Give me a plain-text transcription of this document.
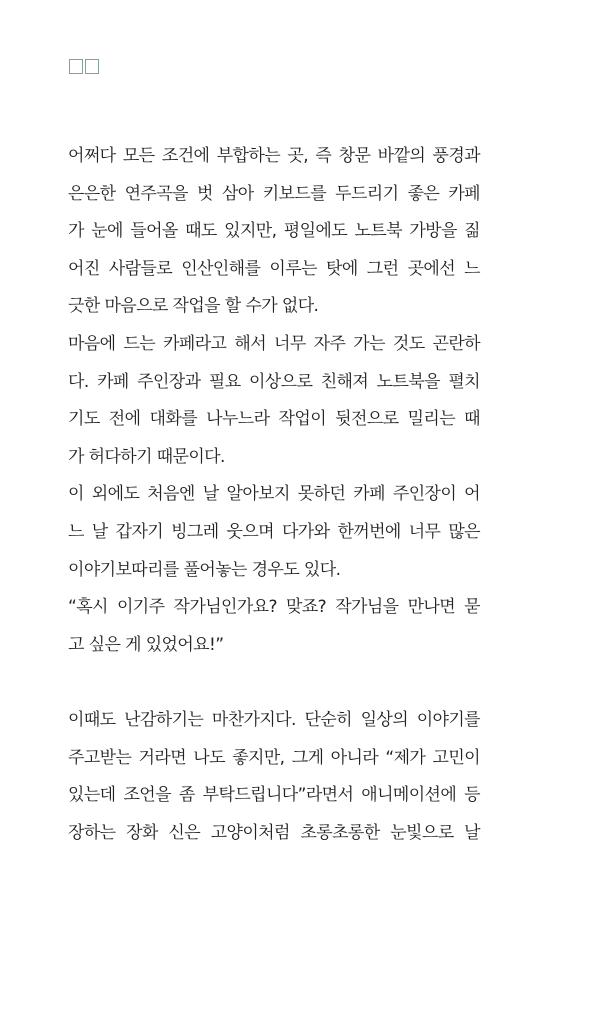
어쩌다 모든 조건에 부합하는 곳, 즉 창문 바깥의 풍경과
은은한 연주곡을 벗 삼아 키보드를 두드리기 좋은 카페
가 눈에 들어올 때도 있지만, 평일에도 노트북 가방을 짊
어진 사람들로 인산인해를 이루는 탓에 그런 곳에선 느
긋한 마음으로 작업을 할 수가 없다.
마음에 드는 카페라고 해서 너무 자주 가는 것도 곤란하
다. 카페 주인장과 필요 이상으로 친해져 노트북을 펼치
기도 전에 대화를 나누느라 작업이 뒷전으로 밀리는 때
가 허다하기 때문이다.
이 외에도 처음엔 날 알아보지 못하던 카페 주인장이 어
느 날 갑자기 빙그레 웃으며 다가와 한꺼번에 너무 많은
이야기보따리를 풀어놓는 경우도 있다.
“혹시 이기주 작가님인가요? 맞죠? 작가님을 만나면 묻
고 싶은 게 있었어요!”
이때도 난감하기는 마찬가지다. 단순히 일상의 이야기를
주고받는 거라면 나도 좋지만, 그게 아니라 “제가 고민이
있는데 조언을 좀 부탁드립니다”라면서 애니메이션에 등
장하는 장화 신은 고양이처럼 초롱초롱한 눈빛으로 날
